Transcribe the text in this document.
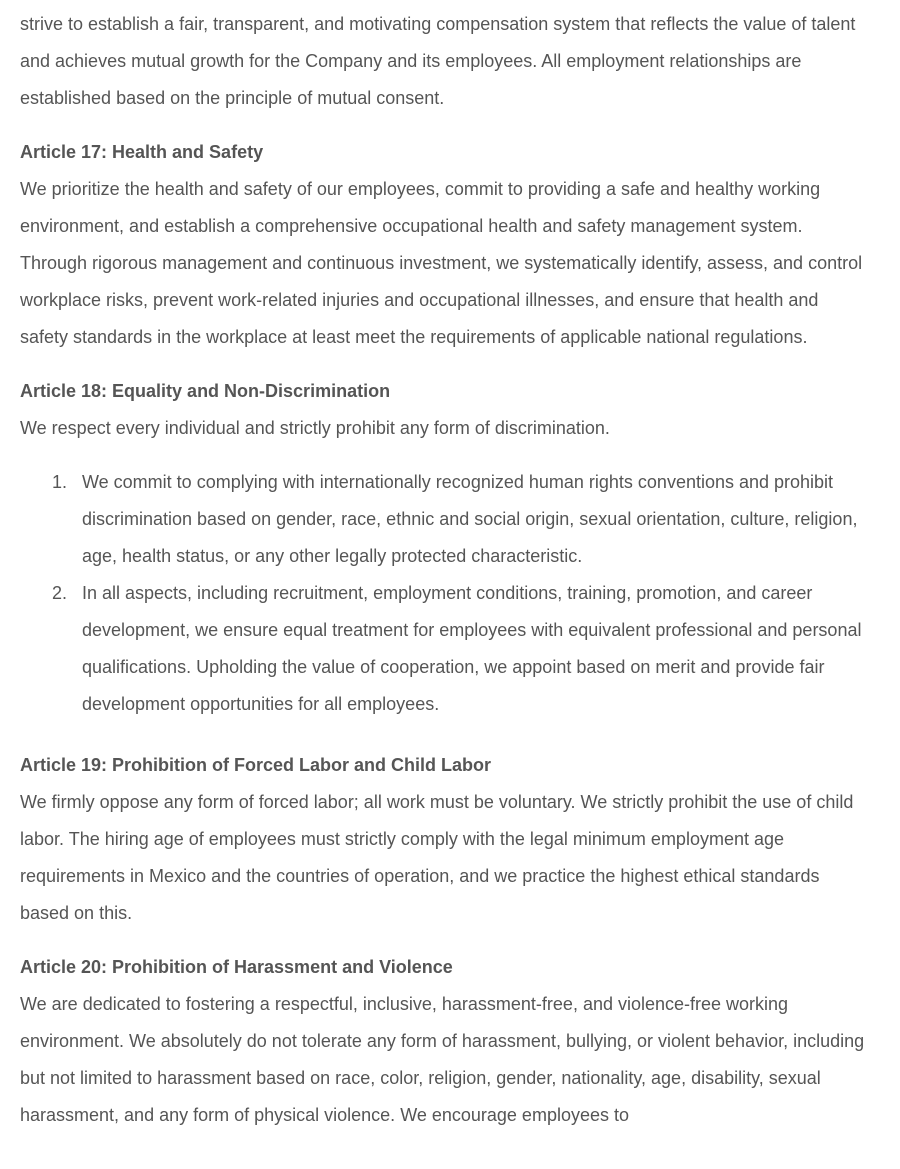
strive to establish a fair, transparent, and motivating compensation system that reflects the value of talent and achieves mutual growth for the Company and its employees. All employment relationships are established based on the principle of mutual consent.

Article 17: Health and Safety

We prioritize the health and safety of our employees, commit to providing a safe and healthy working environment, and establish a comprehensive occupational health and safety management system. Through rigorous management and continuous investment, we systematically identify, assess, and control workplace risks, prevent work-related injuries and occupational illnesses, and ensure that health and safety standards in the workplace at least meet the requirements of applicable national regulations.

Article 18: Equality and Non-Discrimination

We respect every individual and strictly prohibit any form of discrimination.

1. We commit to complying with internationally recognized human rights conventions and prohibit discrimination based on gender, race, ethnic and social origin, sexual orientation, culture, religion, age, health status, or any other legally protected characteristic.
2. In all aspects, including recruitment, employment conditions, training, promotion, and career development, we ensure equal treatment for employees with equivalent professional and personal qualifications. Upholding the value of cooperation, we appoint based on merit and provide fair development opportunities for all employees.

Article 19: Prohibition of Forced Labor and Child Labor

We firmly oppose any form of forced labor; all work must be voluntary. We strictly prohibit the use of child labor. The hiring age of employees must strictly comply with the legal minimum employment age requirements in Mexico and the countries of operation, and we practice the highest ethical standards based on this.

Article 20: Prohibition of Harassment and Violence

We are dedicated to fostering a respectful, inclusive, harassment-free, and violence-free working environment. We absolutely do not tolerate any form of harassment, bullying, or violent behavior, including but not limited to harassment based on race, color, religion, gender, nationality, age, disability, sexual harassment, and any form of physical violence. We encourage employees to
